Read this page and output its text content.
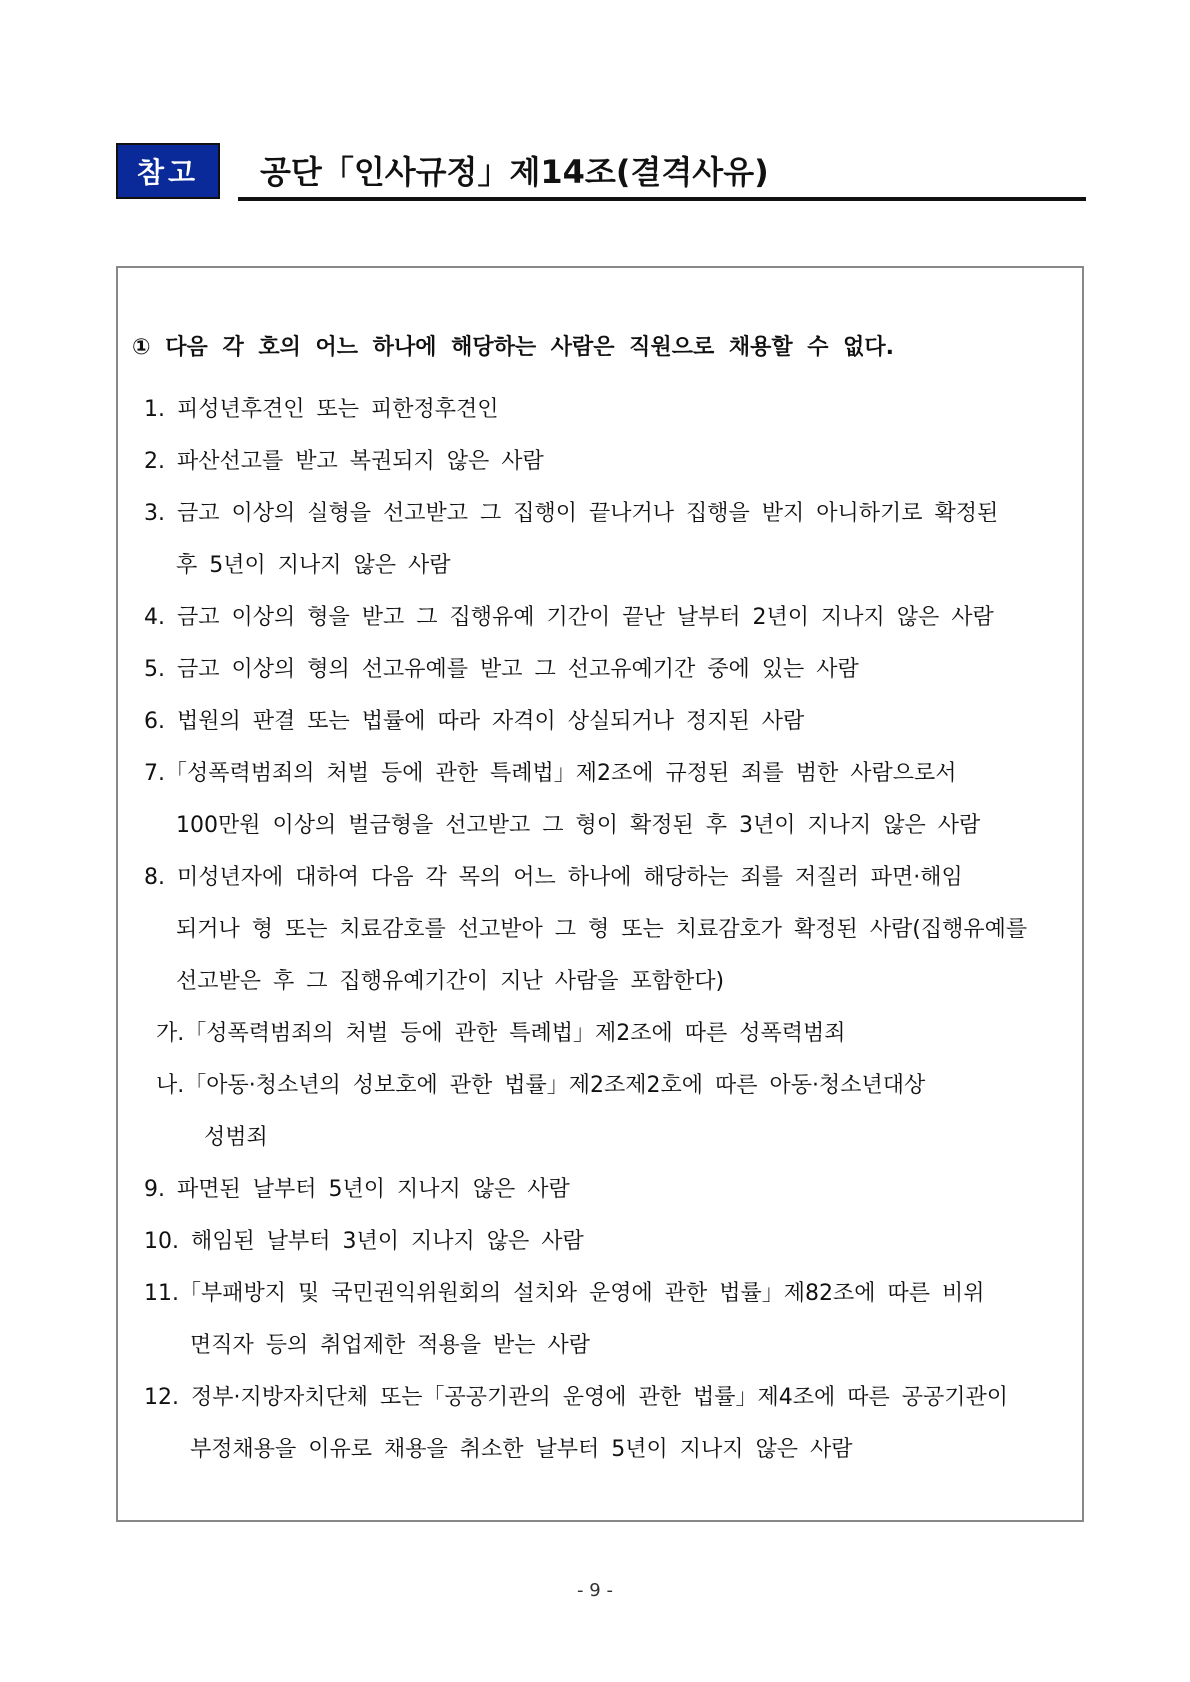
참고	공단「인사규정」제14조(결격사유)
① 다음 각 호의 어느 하나에 해당하는 사람은 직원으로 채용할 수 없다.
1. 피성년후견인 또는 피한정후견인
2. 파산선고를 받고 복권되지 않은 사람
3. 금고 이상의 실형을 선고받고 그 집행이 끝나거나 집행을 받지 아니하기로 확정된
후 5년이 지나지 않은 사람
4. 금고 이상의 형을 받고 그 집행유예 기간이 끝난 날부터 2년이 지나지 않은 사람
5. 금고 이상의 형의 선고유예를 받고 그 선고유예기간 중에 있는 사람
6. 법원의 판결 또는 법률에 따라 자격이 상실되거나 정지된 사람
7.「성폭력범죄의 처벌 등에 관한 특례법」제2조에 규정된 죄를 범한 사람으로서
100만원 이상의 벌금형을 선고받고 그 형이 확정된 후 3년이 지나지 않은 사람
8. 미성년자에 대하여 다음 각 목의 어느 하나에 해당하는 죄를 저질러 파면·해임
되거나 형 또는 치료감호를 선고받아 그 형 또는 치료감호가 확정된 사람(집행유예를
선고받은 후 그 집행유예기간이 지난 사람을 포함한다)
가.「성폭력범죄의 처벌 등에 관한 특례법」제2조에 따른 성폭력범죄
나.「아동·청소년의 성보호에 관한 법률」제2조제2호에 따른 아동·청소년대상
성범죄
9. 파면된 날부터 5년이 지나지 않은 사람
10. 해임된 날부터 3년이 지나지 않은 사람
11.「부패방지 및 국민권익위원회의 설치와 운영에 관한 법률」제82조에 따른 비위
면직자 등의 취업제한 적용을 받는 사람
12. 정부·지방자치단체 또는「공공기관의 운영에 관한 법률」제4조에 따른 공공기관이
부정채용을 이유로 채용을 취소한 날부터 5년이 지나지 않은 사람
- 9 -
